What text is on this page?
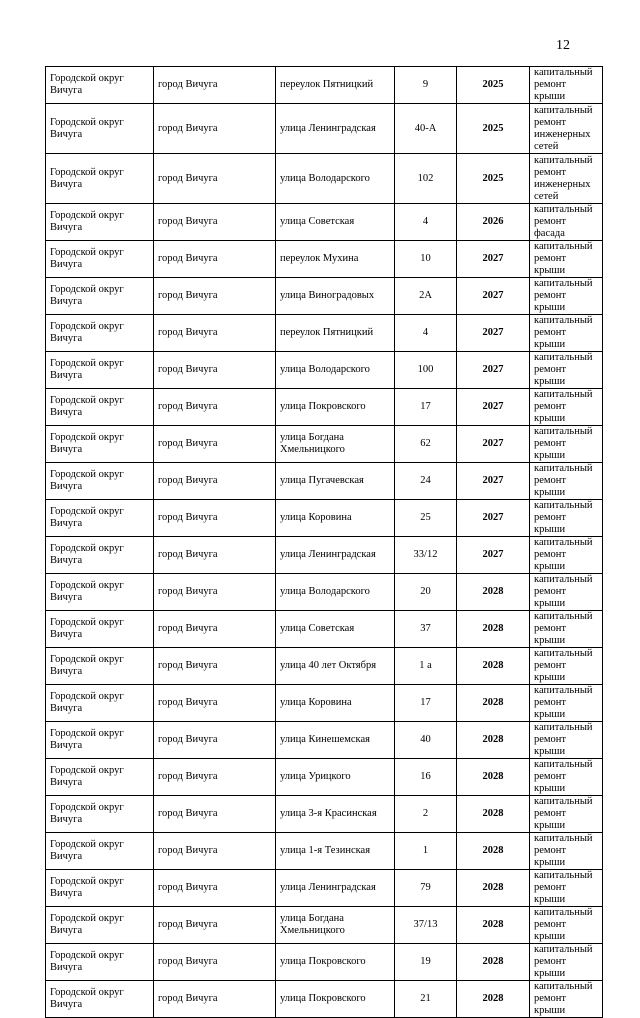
12
Городской округ Вичуга	город Вичуга	переулок Пятницкий	9	2025	капитальный ремонт крыши
Городской округ Вичуга	город Вичуга	улица Ленинградская	40-А	2025	капитальный ремонт инженерных сетей
Городской округ Вичуга	город Вичуга	улица Володарского	102	2025	капитальный ремонт инженерных сетей
Городской округ Вичуга	город Вичуга	улица Советская	4	2026	капитальный ремонт фасада
Городской округ Вичуга	город Вичуга	переулок Мухина	10	2027	капитальный ремонт крыши
Городской округ Вичуга	город Вичуга	улица Виноградовых	2А	2027	капитальный ремонт крыши
Городской округ Вичуга	город Вичуга	переулок Пятницкий	4	2027	капитальный ремонт крыши
Городской округ Вичуга	город Вичуга	улица Володарского	100	2027	капитальный ремонт крыши
Городской округ Вичуга	город Вичуга	улица Покровского	17	2027	капитальный ремонт крыши
Городской округ Вичуга	город Вичуга	улица Богдана Хмельницкого	62	2027	капитальный ремонт крыши
Городской округ Вичуга	город Вичуга	улица Пугачевская	24	2027	капитальный ремонт крыши
Городской округ Вичуга	город Вичуга	улица Коровина	25	2027	капитальный ремонт крыши
Городской округ Вичуга	город Вичуга	улица Ленинградская	33/12	2027	капитальный ремонт крыши
Городской округ Вичуга	город Вичуга	улица Володарского	20	2028	капитальный ремонт крыши
Городской округ Вичуга	город Вичуга	улица Советская	37	2028	капитальный ремонт крыши
Городской округ Вичуга	город Вичуга	улица 40 лет Октября	1 а	2028	капитальный ремонт крыши
Городской округ Вичуга	город Вичуга	улица Коровина	17	2028	капитальный ремонт крыши
Городской округ Вичуга	город Вичуга	улица Кинешемская	40	2028	капитальный ремонт крыши
Городской округ Вичуга	город Вичуга	улица Урицкого	16	2028	капитальный ремонт крыши
Городской округ Вичуга	город Вичуга	улица 3-я Красинская	2	2028	капитальный ремонт крыши
Городской округ Вичуга	город Вичуга	улица 1-я Тезинская	1	2028	капитальный ремонт крыши
Городской округ Вичуга	город Вичуга	улица Ленинградская	79	2028	капитальный ремонт крыши
Городской округ Вичуга	город Вичуга	улица Богдана Хмельницкого	37/13	2028	капитальный ремонт крыши
Городской округ Вичуга	город Вичуга	улица Покровского	19	2028	капитальный ремонт крыши
Городской округ Вичуга	город Вичуга	улица Покровского	21	2028	капитальный ремонт крыши
